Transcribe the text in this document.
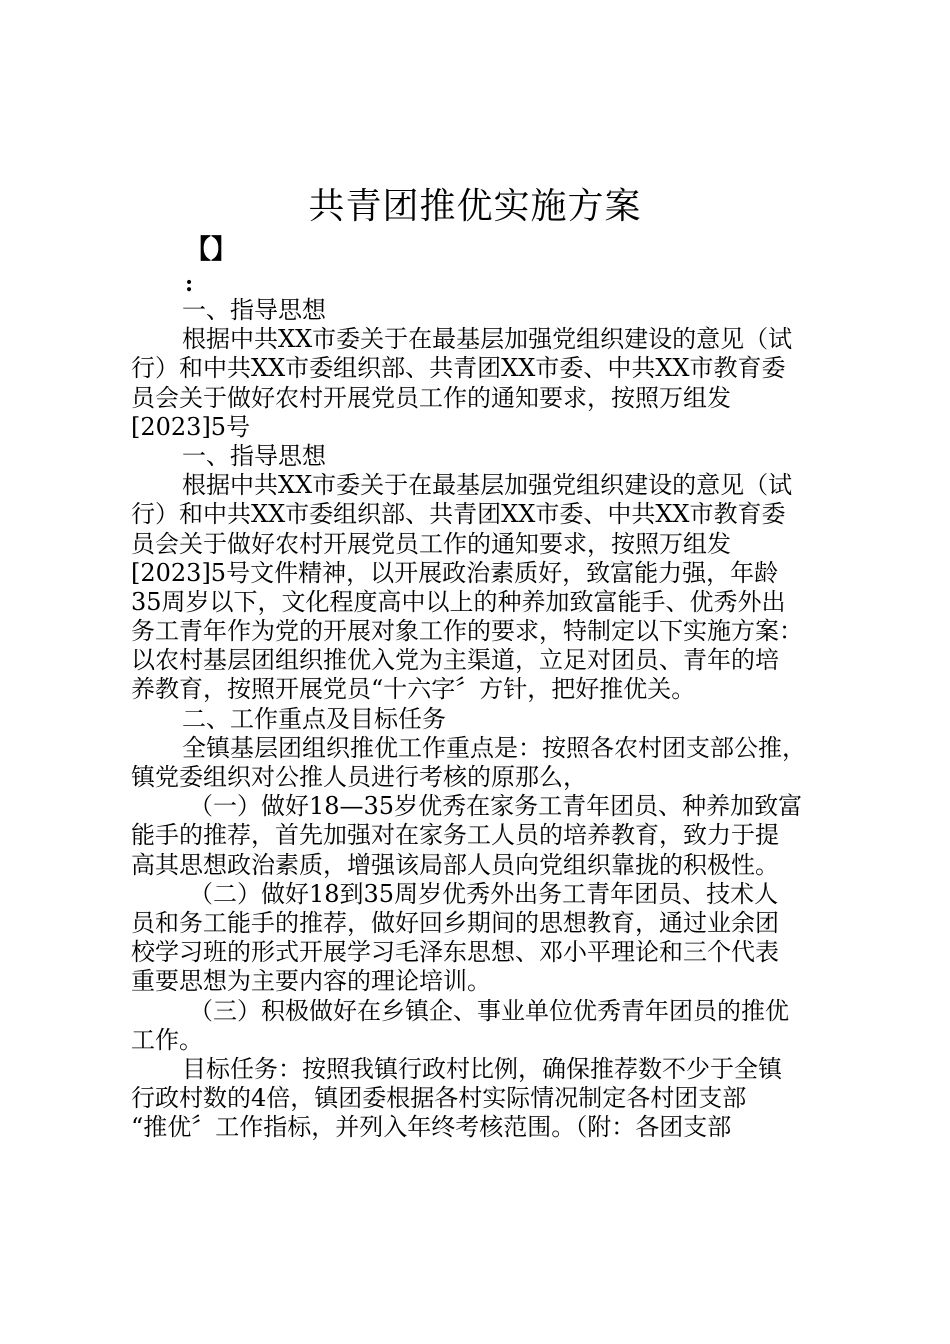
共青团推优实施方案
【】
:
一、指导思想
根据中共XX市委关于在最基层加强党组织建设的意见（试
行）和中共XX市委组织部、共青团XX市委、中共XX市教育委
员会关于做好农村开展党员工作的通知要求，按照万组发
[2023]5号
一、指导思想
根据中共XX市委关于在最基层加强党组织建设的意见（试
行）和中共XX市委组织部、共青团XX市委、中共XX市教育委
员会关于做好农村开展党员工作的通知要求，按照万组发
[2023]5号文件精神，以开展政治素质好，致富能力强，年龄
35周岁以下，文化程度高中以上的种养加致富能手、优秀外出
务工青年作为党的开展对象工作的要求，特制定以下实施方案：
以农村基层团组织推优入党为主渠道，立足对团员、青年的培
养教育，按照开展党员“十六字〞方针，把好推优关。
二、工作重点及目标任务
全镇基层团组织推优工作重点是：按照各农村团支部公推，
镇党委组织对公推人员进行考核的原那么，
（一）做好18—35岁优秀在家务工青年团员、种养加致富
能手的推荐，首先加强对在家务工人员的培养教育，致力于提
高其思想政治素质，增强该局部人员向党组织靠拢的积极性。
（二）做好18到35周岁优秀外出务工青年团员、技术人
员和务工能手的推荐，做好回乡期间的思想教育，通过业余团
校学习班的形式开展学习毛泽东思想、邓小平理论和三个代表
重要思想为主要内容的理论培训。
（三）积极做好在乡镇企、事业单位优秀青年团员的推优
工作。
目标任务：按照我镇行政村比例，确保推荐数不少于全镇
行政村数的4倍，镇团委根据各村实际情况制定各村团支部
“推优〞工作指标，并列入年终考核范围。（附：各团支部
